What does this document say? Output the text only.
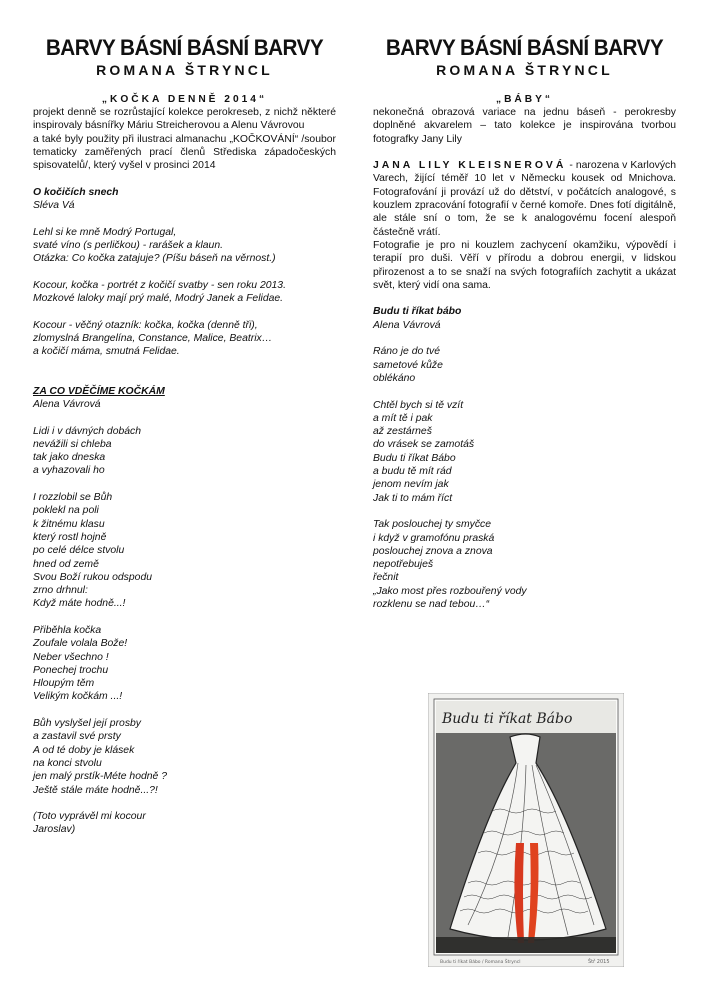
BARVY BÁSNÍ BÁSNÍ BARVY
ROMANA ŠTRYNCL
„KOČKA DENNĚ 2014“

projekt denně se rozrůstající kolekce perokreseb, z nichž některé inspirovaly básnířky Máriu Streicherovou a Alenu Vávrovou

a také byly použity při ilustraci almanachu „KOČKOVÁNÍ“ /soubor tematicky zaměřených prací členů Střediska západočeských spisovatelů/, který vyšel v prosinci 2014

O kočičích snech

Sléva Vá

Lehl si ke mně Modrý Portugal,

svaté víno (s perličkou) - rarášek a klaun.

Otázka: Co kočka zatajuje? (Píšu báseň na věrnost.)

Kocour, kočka - portrét z kočičí svatby - sen roku 2013.

Mozkové laloky mají prý malé, Modrý Janek a Felidae.

Kocour - věčný otazník: kočka, kočka (denně tři),

zlomyslná Brangelína, Constance, Malice, Beatrix…

a kočičí máma, smutná Felidae.

ZA CO VDĚČÍME KOČKÁM

Alena Vávrová

Lidi i v dávných dobách

nevážili si chleba

tak jako dneska

a vyhazovali ho

I rozzlobil se Bůh

poklekl na poli

k žitnému klasu

který rostl hojně

po celé délce stvolu

hned od země

Svou Boží rukou odspodu

zrno drhnul:

Když máte hodně...!

Přiběhla kočka

Zoufale volala Bože!

Neber všechno !

Ponechej trochu

Hloupým těm

Velikým kočkám ...!

Bůh vyslyšel její prosby

a zastavil své prsty

A od té doby je klásek

na konci stvolu

jen malý prstík-Méte hodně ?

Ještě stále máte hodně...?!

(Toto vyprávěl mi kocour

Jaroslav)

BARVY BÁSNÍ BÁSNÍ BARVY
ROMANA ŠTRYNCL
„BÁBY“

nekonečná obrazová variace na jednu báseň - perokresby doplněné akvarelem – tato kolekce je inspirována tvorbou fotografky Jany Lily

JANA LILY KLEISNEROVÁ - narozena v Karlových Varech, žijící téměř 10 let v Německu kousek od Mnichova. Fotografování ji provází už do dětství, v počátcích analogové, s kouzlem zpracování fotografií v černé komoře. Dnes fotí digitálně, ale stále sní o tom, že se k analogovému focení alespoň částečně vrátí.

Fotografie je pro ni kouzlem zachycení okamžiku, výpovědí i terapií pro duši. Věří v přírodu a dobrou energii, v lidskou přirozenost a to se snaží na svých fotografiích zachytit a ukázat svět, který vidí ona sama.

Budu ti říkat bábo

Alena Vávrová

Ráno je do tvé

sametové kůže

oblékáno

Chtěl bych si tě vzít

a mít tě i pak

až zestárneš

do vrásek se zamotáš

Budu ti říkat Bábo

a budu tě mít rád

jenom nevím jak

Jak ti to mám říct

Tak poslouchej ty smyčce

i když v gramofónu praská

poslouchej znova a znova

nepotřebuješ

řečnit

„Jako most přes rozbouřený vody

rozklenu se nad tebou…“

Budu ti říkat Bábo
Budu ti říkat Bábo / Romana Štryncl	Štř 2015
